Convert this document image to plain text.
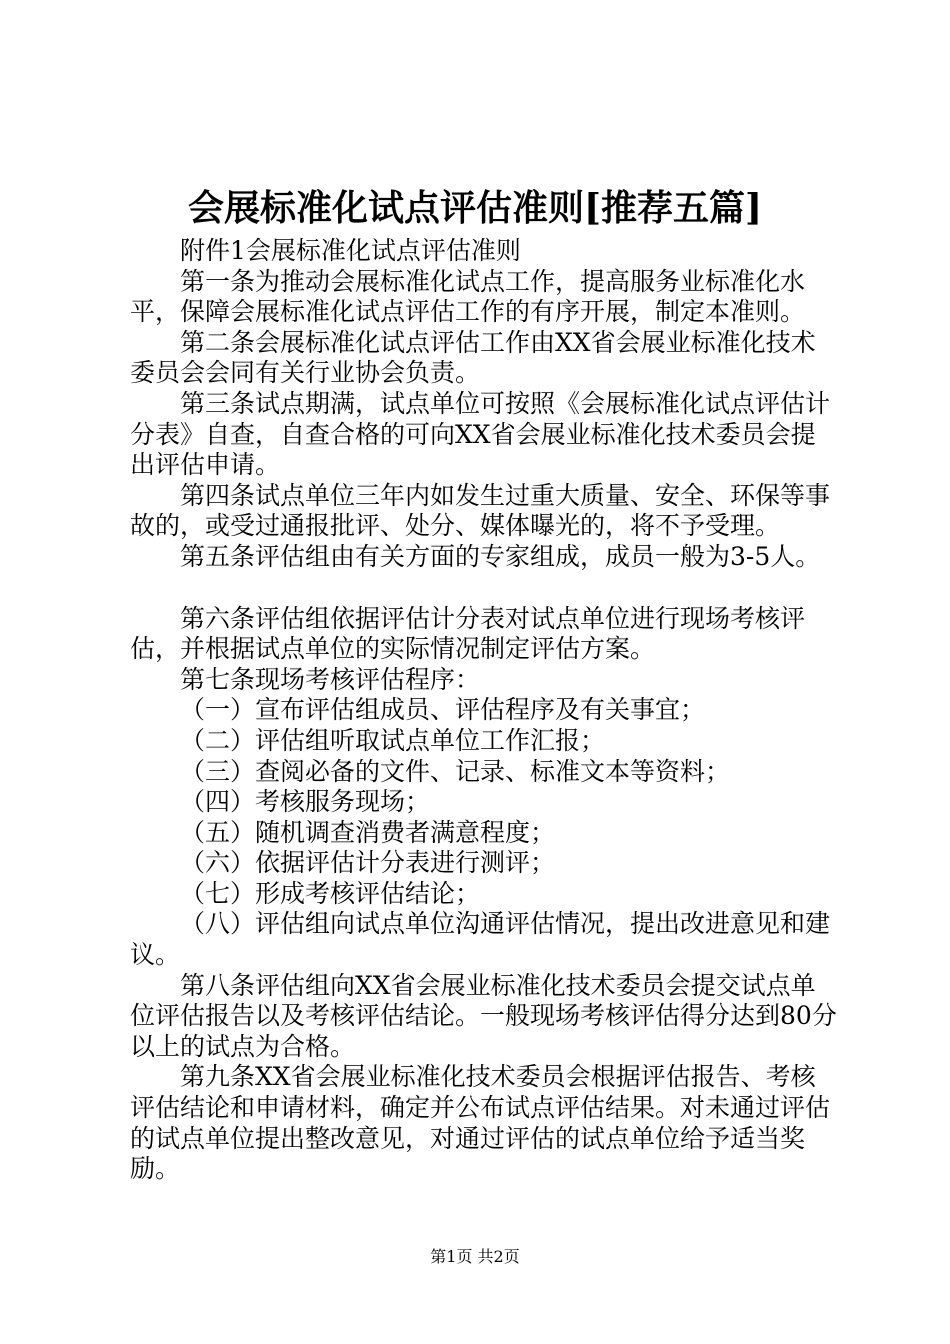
会展标准化试点评估准则[推荐五篇]

附件1会展标准化试点评估准则

第一条为推动会展标准化试点工作，提高服务业标准化水平，保障会展标准化试点评估工作的有序开展，制定本准则。

第二条会展标准化试点评估工作由XX省会展业标准化技术委员会会同有关行业协会负责。

第三条试点期满，试点单位可按照《会展标准化试点评估计分表》自查，自查合格的可向XX省会展业标准化技术委员会提出评估申请。

第四条试点单位三年内如发生过重大质量、安全、环保等事故的，或受过通报批评、处分、媒体曝光的，将不予受理。

第五条评估组由有关方面的专家组成，成员一般为3-5人。

第六条评估组依据评估计分表对试点单位进行现场考核评估，并根据试点单位的实际情况制定评估方案。

第七条现场考核评估程序：

（一）宣布评估组成员、评估程序及有关事宜；

（二）评估组听取试点单位工作汇报；

（三）查阅必备的文件、记录、标准文本等资料；

（四）考核服务现场；

（五）随机调查消费者满意程度；

（六）依据评估计分表进行测评；

（七）形成考核评估结论；

（八）评估组向试点单位沟通评估情况，提出改进意见和建议。

第八条评估组向XX省会展业标准化技术委员会提交试点单位评估报告以及考核评估结论。一般现场考核评估得分达到80分以上的试点为合格。

第九条XX省会展业标准化技术委员会根据评估报告、考核评估结论和申请材料，确定并公布试点评估结果。对未通过评估的试点单位提出整改意见，对通过评估的试点单位给予适当奖励。

第1页 共2页
